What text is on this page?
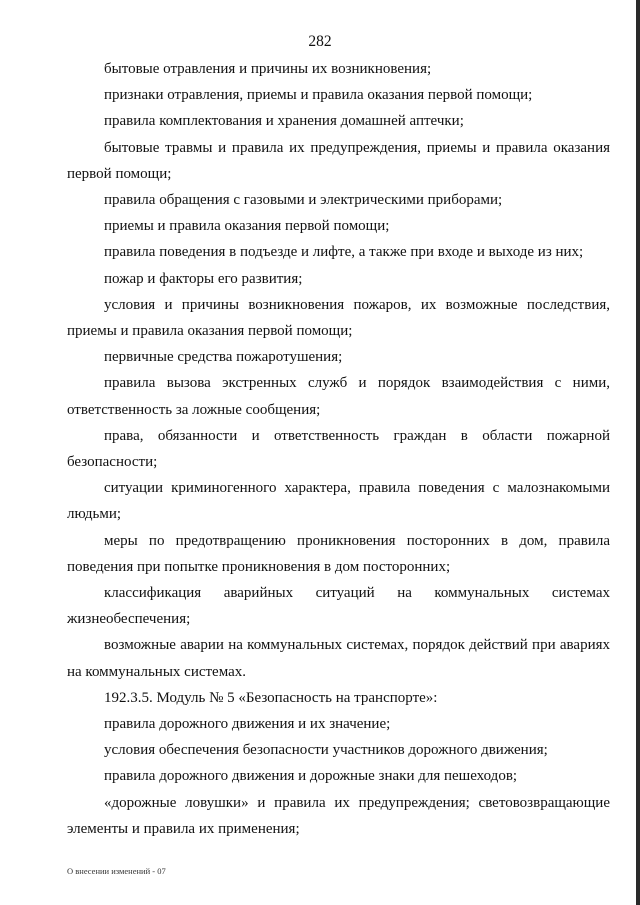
282

бытовые отравления и причины их возникновения;

признаки отравления, приемы и правила оказания первой помощи;

правила комплектования и хранения домашней аптечки;

бытовые травмы и правила их предупреждения, приемы и правила оказания первой помощи;

правила обращения с газовыми и электрическими приборами;

приемы и правила оказания первой помощи;

правила поведения в подъезде и лифте, а также при входе и выходе из них;

пожар и факторы его развития;

условия и причины возникновения пожаров, их возможные последствия, приемы и правила оказания первой помощи;

первичные средства пожаротушения;

правила вызова экстренных служб и порядок взаимодействия с ними, ответственность за ложные сообщения;

права, обязанности и ответственность граждан в области пожарной безопасности;

ситуации криминогенного характера, правила поведения с малознакомыми людьми;

меры по предотвращению проникновения посторонних в дом, правила поведения при попытке проникновения в дом посторонних;

классификация аварийных ситуаций на коммунальных системах жизнеобеспечения;

возможные аварии на коммунальных системах, порядок действий при авариях на коммунальных системах.

192.3.5. Модуль № 5 «Безопасность на транспорте»:

правила дорожного движения и их значение;

условия обеспечения безопасности участников дорожного движения;

правила дорожного движения и дорожные знаки для пешеходов;

«дорожные ловушки» и правила их предупреждения; световозвращающие элементы и правила их применения;

О внесении изменений - 07
